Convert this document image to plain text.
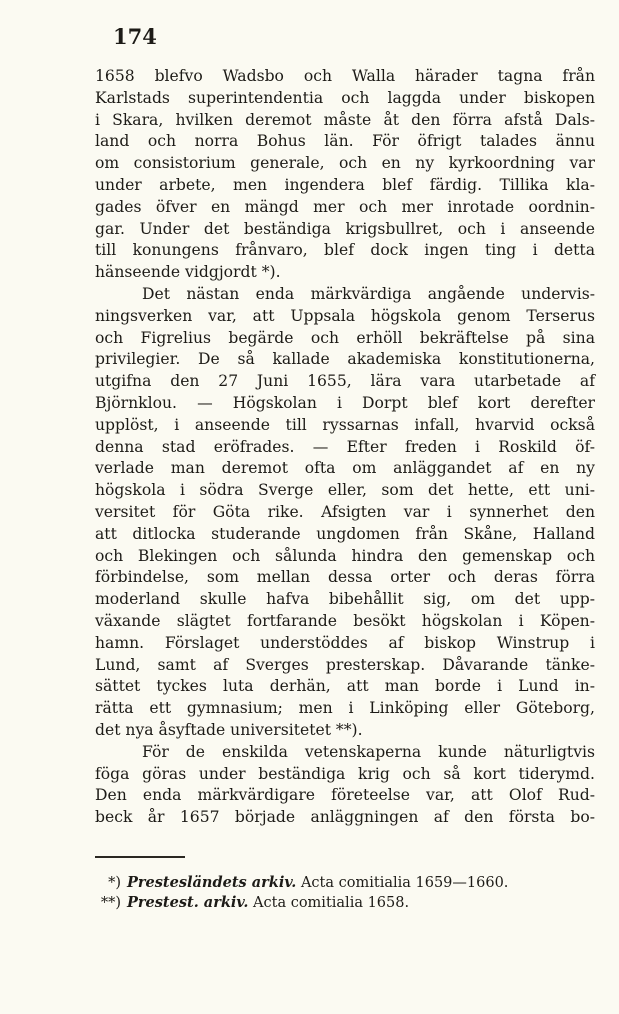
174
1658 blefvo Wadsbo och Walla härader tagna från
Karlstads superintendentia och laggda under biskopen
i Skara, hvilken deremot måste åt den förra afstå Dals-
land och norra Bohus län. För öfrigt talades ännu
om consistorium generale, och en ny kyrkoordning var
under arbete, men ingendera blef färdig. Tillika kla-
gades öfver en mängd mer och mer inrotade oordnin-
gar. Under det beständiga krigsbullret, och i anseende
till konungens frånvaro, blef dock ingen ting i detta
hänseende vidgjordt *).
Det nästan enda märkvärdiga angående undervis-
ningsverken var, att Uppsala högskola genom Terserus
och Figrelius begärde och erhöll bekräftelse på sina
privilegier. De så kallade akademiska konstitutionerna,
utgifna den 27 Juni 1655, lära vara utarbetade af
Björnklou. — Högskolan i Dorpt blef kort derefter
upplöst, i anseende till ryssarnas infall, hvarvid också
denna stad eröfrades. — Efter freden i Roskild öf-
verlade man deremot ofta om anläggandet af en ny
högskola i södra Sverge eller, som det hette, ett uni-
versitet för Göta rike. Afsigten var i synnerhet den
att ditlocka studerande ungdomen från Skåne, Halland
och Blekingen och sålunda hindra den gemenskap och
förbindelse, som mellan dessa orter och deras förra
moderland skulle hafva bibehållit sig, om det upp-
växande slägtet fortfarande besökt högskolan i Köpen-
hamn. Förslaget understöddes af biskop Winstrup i
Lund, samt af Sverges presterskap. Dåvarande tänke-
sättet tyckes luta derhän, att man borde i Lund in-
rätta ett gymnasium; men i Linköping eller Göteborg,
det nya åsyftade universitetet **).
För de enskilda vetenskaperna kunde näturligtvis
föga göras under beständiga krig och så kort tiderymd.
Den enda märkvärdigare företeelse var, att Olof Rud-
beck år 1657 började anläggningen af den första bo-
*) Prestesländets arkiv. Acta comitialia 1659—1660.
**) Prestest. arkiv. Acta comitialia 1658.
